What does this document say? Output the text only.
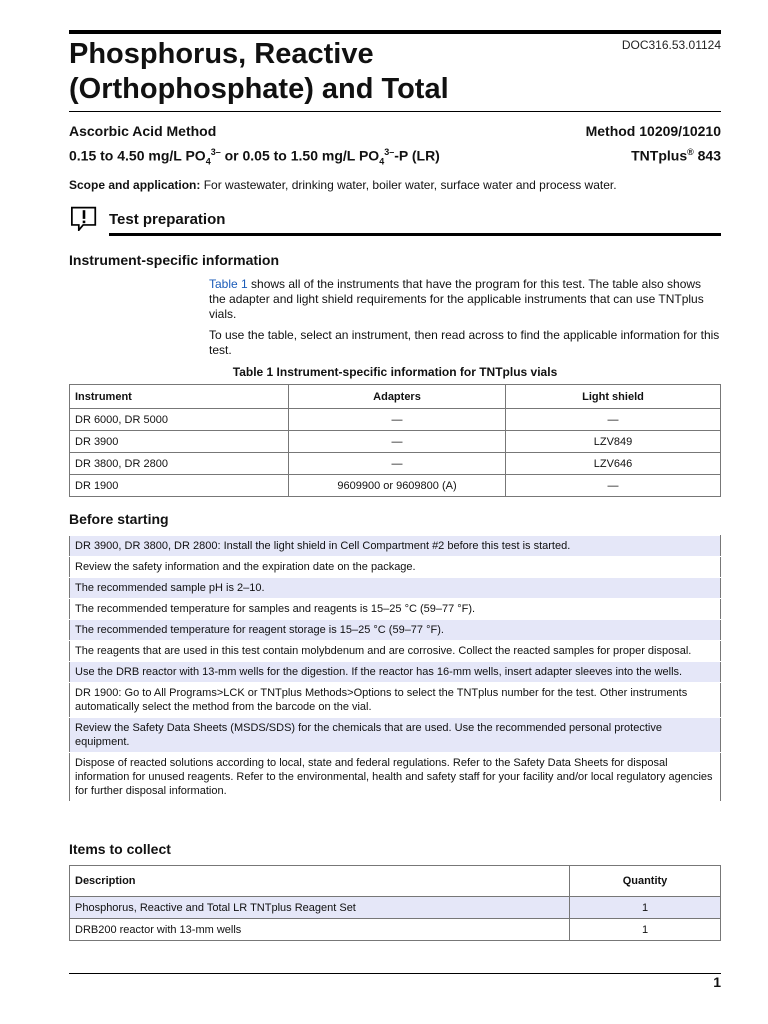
DOC316.53.01124
Phosphorus, Reactive
(Orthophosphate) and Total
Ascorbic Acid Method	Method 10209/10210
0.15 to 4.50 mg/L $PO_4^{3-}$ or 0.05 to 1.50 mg/L $PO_4^{3-}-P$ (LR)	TNTplus® 843
Scope and application: For wastewater, drinking water, boiler water, surface water and process water.
Test preparation
Instrument-specific information

Table 1 shows all of the instruments that have the program for this test. The table also shows the adapter and light shield requirements for the applicable instruments that can use TNTplus vials.

To use the table, select an instrument, then read across to find the applicable information for this test.

Table 1 Instrument-specific information for TNTplus vials
Instrument	Adapters	Light shield
DR 6000, DR 5000	—	—
DR 3900	—	LZV849
DR 3800, DR 2800	—	LZV646
DR 1900	9609900 or 9609800 (A)	—
Before starting
DR 3900, DR 3800, DR 2800: Install the light shield in Cell Compartment #2 before this test is started.
Review the safety information and the expiration date on the package.
The recommended sample pH is 2–10.
The recommended temperature for samples and reagents is 15–25 °C (59–77 °F).
The recommended temperature for reagent storage is 15–25 °C (59–77 °F).
The reagents that are used in this test contain molybdenum and are corrosive. Collect the reacted samples for proper disposal.
Use the DRB reactor with 13-mm wells for the digestion. If the reactor has 16-mm wells, insert adapter sleeves into the wells.
DR 1900: Go to All Programs>LCK or TNTplus Methods>Options to select the TNTplus number for the test. Other instruments automatically select the method from the barcode on the vial.
Review the Safety Data Sheets (MSDS/SDS) for the chemicals that are used. Use the recommended personal protective equipment.
Dispose of reacted solutions according to local, state and federal regulations. Refer to the Safety Data Sheets for disposal information for unused reagents. Refer to the environmental, health and safety staff for your facility and/or local regulatory agencies for further disposal information.
Items to collect
Description	Quantity
Phosphorus, Reactive and Total LR TNTplus Reagent Set	1
DRB200 reactor with 13-mm wells	1
1
